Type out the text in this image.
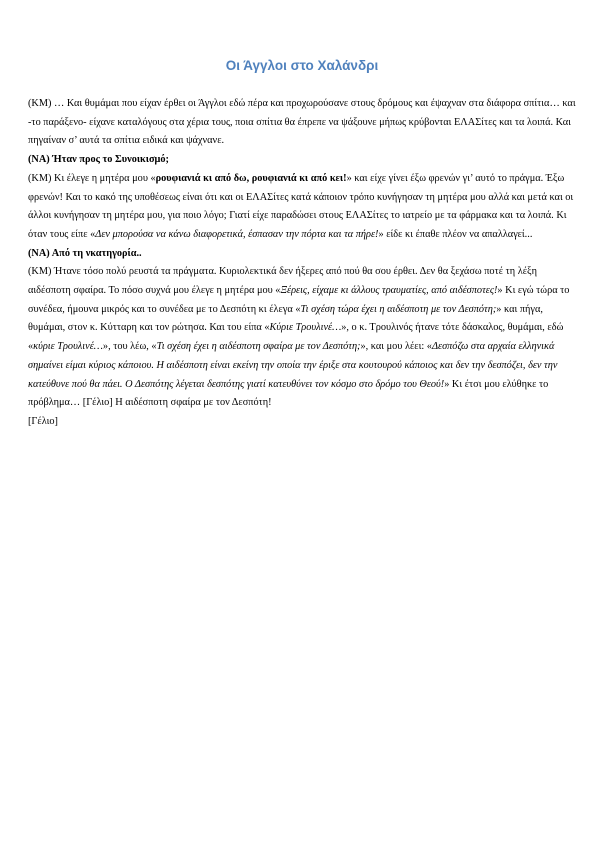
Οι Άγγλοι στο Χαλάνδρι

(ΚΜ) … Και θυμάμαι που είχαν έρθει οι Άγγλοι εδώ πέρα και προχωρούσανε στους δρόμους και έψαχναν στα διάφορα σπίτια… και -το παράξενο- είχανε καταλόγους στα χέρια τους, ποια σπίτια θα έπρεπε να ψάξουνε μήπως κρύβονται ΕΛΑΣίτες και τα λοιπά. Και πηγαίναν σ’ αυτά τα σπίτια ειδικά και ψάχνανε.

(ΝΑ) Ήταν προς το Συνοικισμό;

(ΚΜ) Κι έλεγε η μητέρα μου «ρουφιανιά κι από δω, ρουφιανιά κι από κει!» και είχε γίνει έξω φρενών γι’ αυτό το πράγμα. Έξω φρενών! Και το κακό της υποθέσεως είναι ότι και οι ΕΛΑΣίτες κατά κάποιον τρόπο κυνήγησαν τη μητέρα μου αλλά και μετά και οι άλλοι κυνήγησαν τη μητέρα μου, για ποιο λόγο; Γιατί είχε παραδώσει στους ΕΛΑΣίτες το ιατρείο με τα φάρμακα και τα λοιπά. Κι όταν τους είπε «Δεν μπορούσα να κάνω διαφορετικά, έσπασαν την πόρτα και τα πήρε!» είδε κι έπαθε πλέον να απαλλαγεί...

(ΝΑ) Από τη νκατηγορία..

(ΚΜ) Ήτανε τόσο πολύ ρευστά τα πράγματα. Κυριολεκτικά δεν ήξερες από πού θα σου έρθει. Δεν θα ξεχάσω ποτέ τη λέξη αιδέσποτη σφαίρα. Το πόσο συχνά μου έλεγε η μητέρα μου «Ξέρεις, είχαμε κι άλλους τραυματίες, από αιδέσποτες!» Κι εγώ τώρα το συνέδεα, ήμουνα μικρός και το συνέδεα με το Δεσπότη κι έλεγα «Τι σχέση τώρα έχει η αιδέσποτη με τον Δεσπότη;» και πήγα, θυμάμαι, στον κ. Κύτταρη και τον ρώτησα. Και του είπα «Κύριε Τρουλινέ…», ο κ. Τρουλινός ήτανε τότε δάσκαλος, θυμάμαι, εδώ «κύριε Τρουλινέ…», του λέω, «Τι σχέση έχει η αιδέσποτη σφαίρα με τον Δεσπότη;», και μου λέει: «Δεσπόζω στα αρχαία ελληνικά σημαίνει είμαι κύριος κάποιου. Η αιδέσποτη είναι εκείνη την οποία την έριξε στα κουτουρού κάποιος και δεν την δεσπόζει, δεν την κατεύθυνε πού θα πάει. Ο Δεσπότης λέγεται δεσπότης γιατί κατευθύνει τον κόσμο στο δρόμο του Θεού!» Κι έτσι μου ελύθηκε το πρόβλημα… [Γέλιο] Η αιδέσποτη σφαίρα με τον Δεσπότη!

[Γέλιο]
